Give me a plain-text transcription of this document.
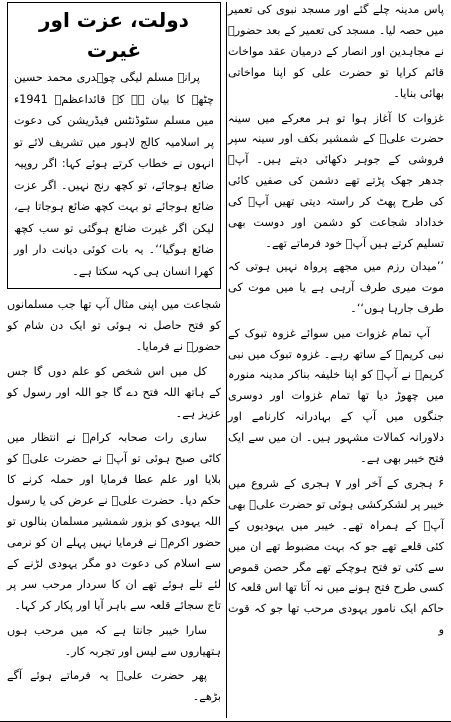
پاس مدینہ چلے گئے اور مسجد نبوی کی تعمیر میں حصہ لیا۔ مسجد کی تعمیر کے بعد حضورؐ نے مجاہدین اور انصار کے درمیان عقد مواخات قائم کرایا تو حضرت علی کو اپنا مواخاتی بھائی بنایا۔

غزوات کا آغاز ہوا تو ہر معرکے میں سینہ حضرت علیؓ کے شمشیر بکف اور سینہ سپر فروشی کے جوہر دکھائی دیتے ہیں۔ آپؓ جدھر جھک پڑتے تھے دشمن کی صفیں کائی کی طرح پھٹ کر راستہ دیتی تھیں آپؓ کی خداداد شجاعت کو دشمن اور دوست بھی تسلیم کرتے ہیں آپؓ خود فرماتے تھے۔

’’میدان رزم میں مجھے پرواہ نہیں ہوتی کہ موت میری طرف آرہی ہے یا میں موت کی طرف جارہا ہوں‘‘۔

آپ تمام غزوات میں سوائے غزوہ تبوک کے نبی کریمؐ کے ساتھ رہے۔ غزوہ تبوک میں نبی کریمؐ نے آپؓ کو اپنا خلیفہ بناکر مدینہ منورہ میں چھوڑ دیا تھا تمام غزوات اور دوسری جنگوں میں آپ کے بہادرانہ کارنامے اور دلاورانہ کمالات مشہور ہیں۔ ان میں سے ایک فتح خیبر بھی ہے۔

۶ ہجری کے آخر اور ۷ ہجری کے شروع میں خیبر پر لشکرکشی ہوئی تو حضرت علیؓ بھی آپؐ کے ہمراہ تھے۔ خیبر میں یہودیوں کے کئی قلعے تھے جو کہ بہت مضبوط تھے ان میں سے کئی تو فتح ہوچکے تھے مگر حصن قموص کسی طرح فتح ہونے میں نہ آتا تھا اس قلعہ کا حاکم ایک نامور یہودی مرحب تھا جو کہ قوت و

دولت، عزت اور غیرت

پرانے مسلم لیگی چوہدری محمد حسین چٹھہ کا بیان ہے کہ قائداعظمؒ 1941ء میں مسلم سٹوڈنٹس فیڈریشن کی دعوت پر اسلامیہ کالج لاہور میں تشریف لائے تو انہوں نے خطاب کرتے ہوئے کہا: اگر روپیہ ضائع ہوجائے، تو کچھ رنج نہیں۔ اگر عزت ضائع ہوجائے تو بہت کچھ ضائع ہوجاتا ہے، لیکن اگر غیرت ضائع ہوگئی تو سب کچھ ضائع ہوگیا‘‘۔ یہ بات کوئی دیانت دار اور کھرا انسان ہی کہہ سکتا ہے۔

شجاعت میں اپنی مثال آپ تھا جب مسلمانوں کو فتح حاصل نہ ہوئی تو ایک دن شام کو حضورؐ نے فرمایا۔

کل میں اس شخص کو علم دوں گا جس کے ہاتھ اللہ فتح دے گا جو اللہ اور رسول کو عزیز ہے۔

ساری رات صحابہ کرامؓ نے انتظار میں کاٹی صبح ہوئی تو آپؐ نے حضرت علیؓ کو بلایا اور علم عطا فرمایا اور حملہ کرنے کا حکم دیا۔ حضرت علیؓ نے عرض کی یا رسول اللہ یہودی کو بزور شمشیر مسلمان بنالوں تو حضور اکرمؐ نے فرمایا نہیں پہلے ان کو نرمی سے اسلام کی دعوت دو مگر یہودی لڑنے کے لئے تلے ہوئے تھے ان کا سردار مرحب سر پر تاج سجائے قلعہ سے باہر آیا اور پکار کر کہا۔

سارا خیبر جانتا ہے کہ میں مرحب ہوں ہتھیاروں سے لیس اور تجربہ کار۔

پھر حضرت علیؓ یہ فرماتے ہوئے آگے بڑھے۔
